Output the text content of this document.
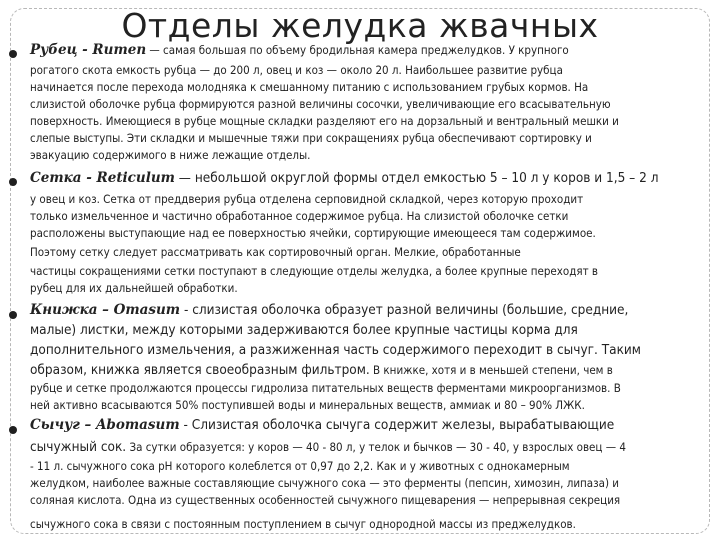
Отделы желудка жвачных
Рубец - Rumen — самая большая по объему бродильная камера преджелудков. У крупного
рогатого скота емкость рубца — до 200 л, овец и коз — около 20 л. Наибольшее развитие рубца
начинается после перехода молодняка к смешанному питанию с использованием грубых кормов. На
слизистой оболочке рубца формируются разной величины сосочки, увеличивающие его всасывательную
поверхность. Имеющиеся в рубце мощные складки разделяют его на дорзальный и вентральный мешки и
слепые выступы. Эти складки и мышечные тяжи при сокращениях рубца обеспечивают сортировку и
эвакуацию содержимого в ниже лежащие отделы.
Сетка - Reticulum — небольшой округлой формы отдел емкостью 5 – 10 л у коров и 1,5 – 2 л
у овец и коз. Сетка от преддверия рубца отделена серповидной складкой, через которую проходит
только измельченное и частично обработанное содержимое рубца. На слизистой оболочке сетки
расположены выступающие над ее поверхностью ячейки, сортирующие имеющееся там содержимое.
Поэтому сетку следует рассматривать как сортировочный орган. Мелкие, обработанные
частицы сокращениями сетки поступают в следующие отделы желудка, а более крупные переходят в
рубец для их дальнейшей обработки.
Книжка – Omasum - слизистая оболочка образует разной величины (большие, средние,
малые) листки, между которыми задерживаются более крупные частицы корма для
дополнительного измельчения, а разжиженная часть содержимого переходит в сычуг. Таким
образом, книжка является своеобразным фильтром. В книжке, хотя и в меньшей степени, чем в
рубце и сетке продолжаются процессы гидролиза питательных веществ ферментами микроорганизмов. В
ней активно всасываются 50% поступившей воды и минеральных веществ, аммиак и 80 – 90% ЛЖК.
Сычуг – Abomasum - Слизистая оболочка сычуга содержит железы, вырабатывающие
сычужный сок. За сутки образуется: у коров — 40 - 80 л, у телок и бычков — 30 - 40, у взрослых овец — 4
- 11 л. сычужного сока рН которого колеблется от 0,97 до 2,2. Как и у животных с однокамерным
желудком, наиболее важные составляющие сычужного сока — это ферменты (пепсин, химозин, липаза) и
соляная кислота. Одна из существенных особенностей сычужного пищеварения — непрерывная секреция
сычужного сока в связи с постоянным поступлением в сычуг однородной массы из преджелудков.
